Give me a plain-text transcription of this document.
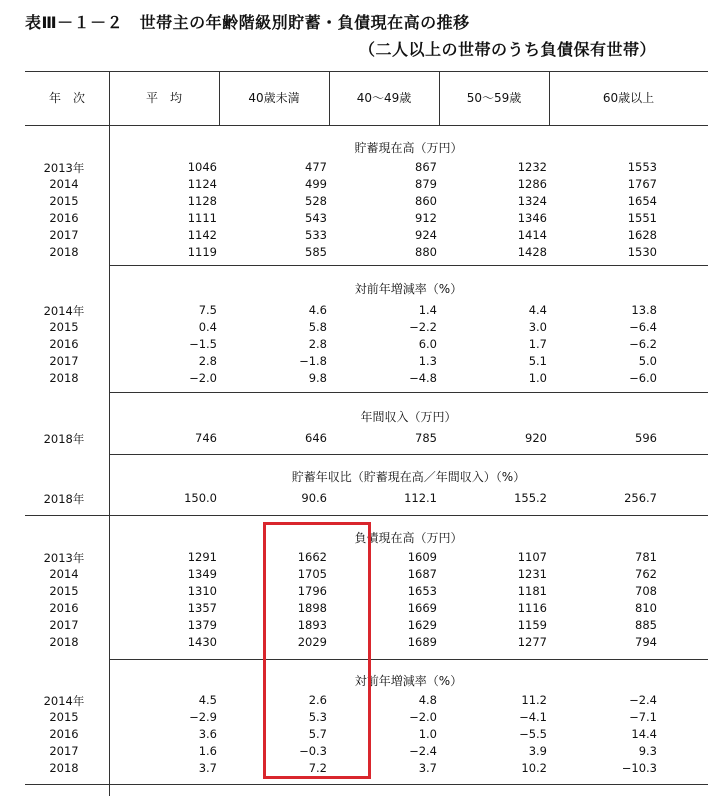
表Ⅲ－１－２　世帯主の年齢階級別貯蓄・負債現在高の推移
（二人以上の世帯のうち負債保有世帯）
年　次	平　均	40歳未満	40～49歳	50～59歳	60歳以上
貯蓄現在高（万円）
2013年	1046	477	867	1232	1553
2014	1124	499	879	1286	1767
2015	1128	528	860	1324	1654
2016	1111	543	912	1346	1551
2017	1142	533	924	1414	1628
2018	1119	585	880	1428	1530
対前年増減率（%）
2014年	7.5	4.6	1.4	4.4	13.8
2015	0.4	5.8	−2.2	3.0	−6.4
2016	−1.5	2.8	6.0	1.7	−6.2
2017	2.8	−1.8	1.3	5.1	5.0
2018	−2.0	9.8	−4.8	1.0	−6.0
年間収入（万円）
2018年	746	646	785	920	596
貯蓄年収比（貯蓄現在高／年間収入）（%）
2018年	150.0	90.6	112.1	155.2	256.7
負債現在高（万円）
2013年	1291	1662	1609	1107	781
2014	1349	1705	1687	1231	762
2015	1310	1796	1653	1181	708
2016	1357	1898	1669	1116	810
2017	1379	1893	1629	1159	885
2018	1430	2029	1689	1277	794
対前年増減率（%）
2014年	4.5	2.6	4.8	11.2	−2.4
2015	−2.9	5.3	−2.0	−4.1	−7.1
2016	3.6	5.7	1.0	−5.5	14.4
2017	1.6	−0.3	−2.4	3.9	9.3
2018	3.7	7.2	3.7	10.2	−10.3
